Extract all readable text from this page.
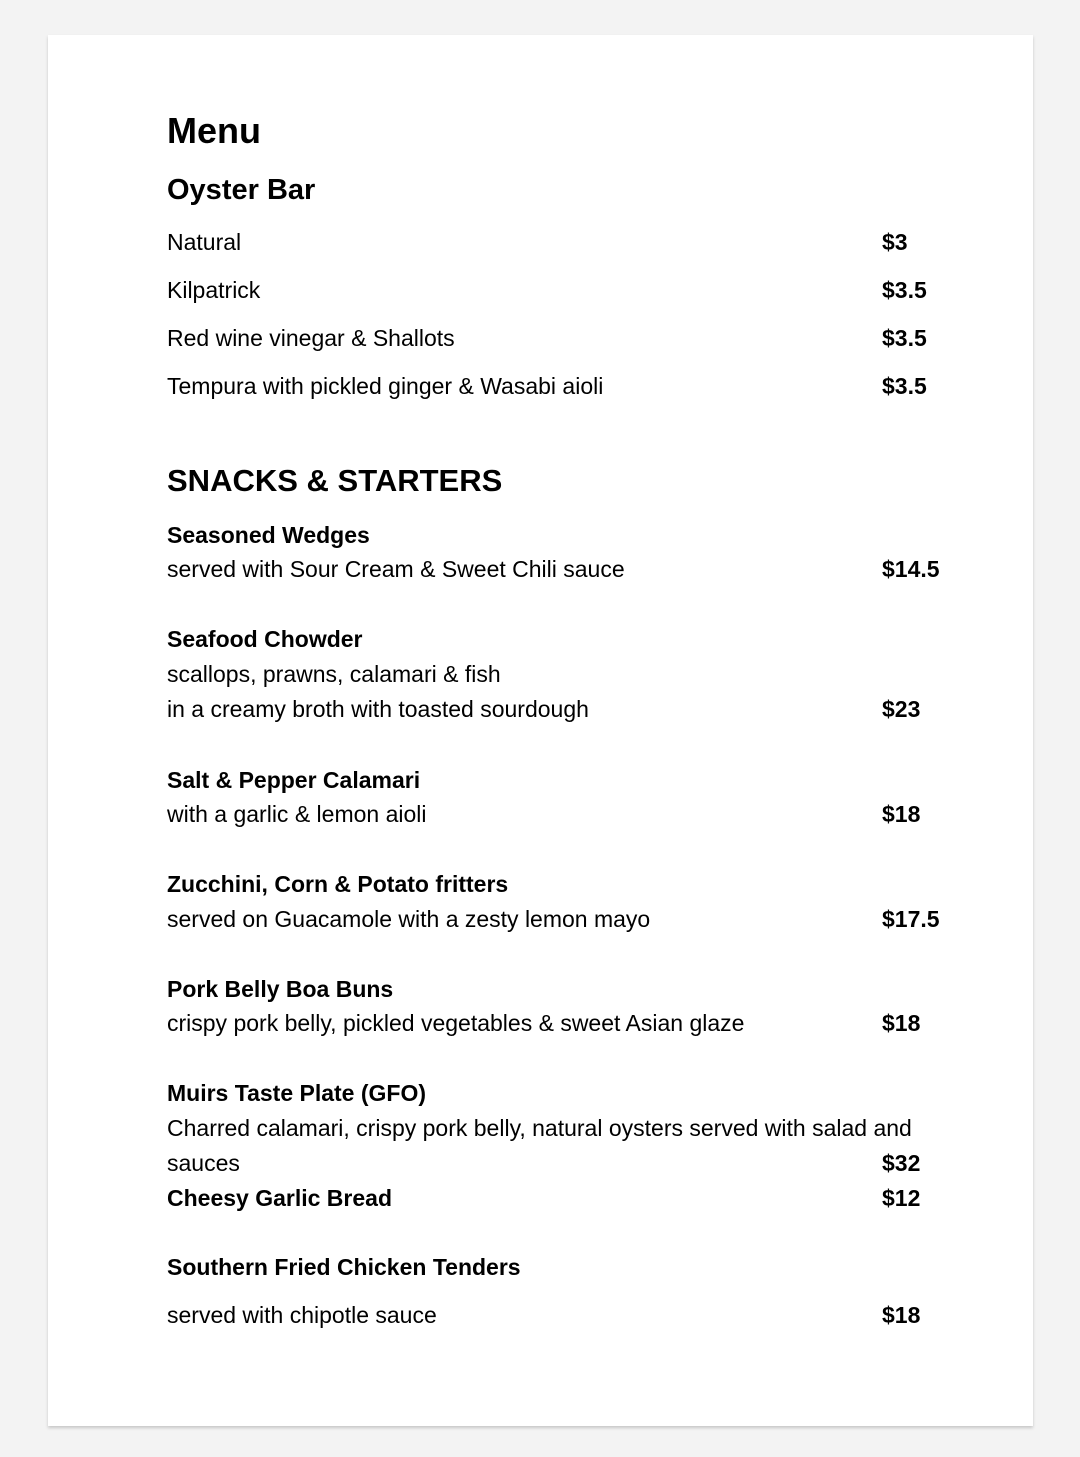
Menu
Oyster Bar
Natural	$3
Kilpatrick	$3.5
Red wine vinegar & Shallots	$3.5
Tempura with pickled ginger & Wasabi aioli	$3.5
SNACKS & STARTERS
Seasoned Wedges
served with Sour Cream & Sweet Chili sauce	$14.5
Seafood Chowder
scallops, prawns, calamari & fish
in a creamy broth with toasted sourdough	$23
Salt & Pepper Calamari
with a garlic & lemon aioli	$18
Zucchini, Corn & Potato fritters
served on Guacamole with a zesty lemon mayo	$17.5
Pork Belly Boa Buns
crispy pork belly, pickled vegetables & sweet Asian glaze	$18
Muirs Taste Plate (GFO)
Charred calamari, crispy pork belly, natural oysters served with salad and
sauces	$32
Cheesy Garlic Bread	$12
Southern Fried Chicken Tenders
served with chipotle sauce	$18
